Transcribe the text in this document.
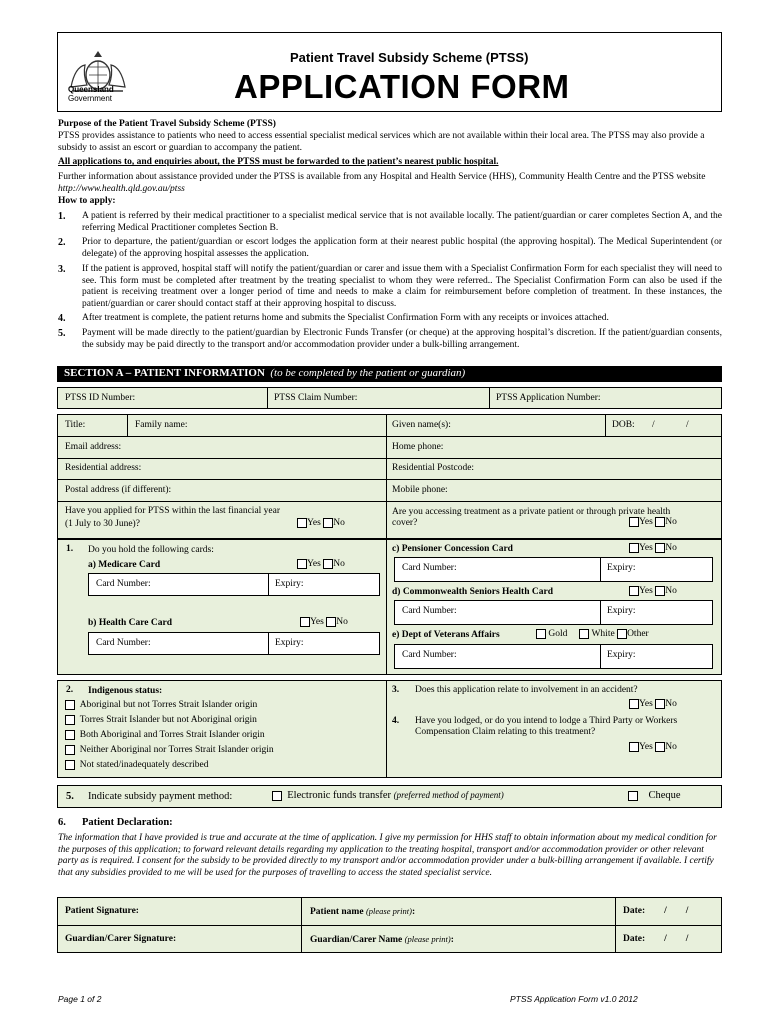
Queensland
Government
Patient Travel Subsidy Scheme (PTSS)
APPLICATION FORM
Purpose of the Patient Travel Subsidy Scheme (PTSS)
PTSS provides assistance to patients who need to access essential specialist medical services which are not available within their local area. The PTSS may also provide a subsidy to assist an escort or guardian to accompany the patient.
All applications to, and enquiries about, the PTSS must be forwarded to the patient’s nearest public hospital.
Further information about assistance provided under the PTSS is available from any Hospital and Health Service (HHS), Community Health Centre and the PTSS website http://www.health.qld.gov.au/ptss
How to apply:
1.	A patient is referred by their medical practitioner to a specialist medical service that is not available locally. The patient/guardian or carer completes Section A, and the referring Medical Practitioner completes Section B.
2.	Prior to departure, the patient/guardian or escort lodges the application form at their nearest public hospital (the approving hospital). The Medical Superintendent (or delegate) of the approving hospital assesses the application.
3.	If the patient is approved, hospital staff will notify the patient/guardian or carer and issue them with a Specialist Confirmation Form for each specialist they will need to see. This form must be completed after treatment by the treating specialist to whom they were referred.. The Specialist Confirmation Form can also be used if the patient is receiving treatment over a longer period of time and needs to make a claim for reimbursement before completion of treatment. In these instances, the patient/guardian or carer should contact staff at their approving hospital to discuss.
4.	After treatment is complete, the patient returns home and submits the Specialist Confirmation Form with any receipts or invoices attached.
5.	Payment will be made directly to the patient/guardian by Electronic Funds Transfer (or cheque) at the approving hospital’s discretion. If the patient/guardian consents, the subsidy may be paid directly to the transport and/or accommodation provider under a bulk-billing arrangement.
SECTION A – PATIENT INFORMATION (to be completed by the patient or guardian)
PTSS ID Number:	PTSS Claim Number:	PTSS Application Number:
Title:	Family name:	Given name(s):	DOB: /	/
Email address:	Home phone:
Residential address:	Residential Postcode:
Postal address (if different):	Mobile phone:
Have you applied for PTSS within the last financial year
(1 July to 30 June)?	Yes No
Are you accessing treatment as a private patient or through private health
cover?	Yes No
1. Do you hold the following cards:
a) Medicare Card	Yes No
Card Number:	Expiry:
b) Health Care Card	Yes No
Card Number:	Expiry:
c) Pensioner Concession Card	Yes No
Card Number:	Expiry:
d) Commonwealth Seniors Health Card	Yes No
Card Number:	Expiry:
e) Dept of Veterans Affairs	Gold	White Other
Card Number:	Expiry:
2. Indigenous status:
Aboriginal but not Torres Strait Islander origin
Torres Strait Islander but not Aboriginal origin
Both Aboriginal and Torres Strait Islander origin
Neither Aboriginal nor Torres Strait Islander origin
Not stated/inadequately described
3. Does this application relate to involvement in an accident?
Yes No
4. Have you lodged, or do you intend to lodge a Third Party or Workers Compensation Claim relating to this treatment?
Yes No
5. Indicate subsidy payment method:	Electronic funds transfer (preferred method of payment)	Cheque
6. Patient Declaration:
The information that I have provided is true and accurate at the time of application. I give my permission for HHS staff to obtain information about my medical condition for the purposes of this application; to forward relevant details regarding my application to the treating hospital, transport and/or accommodation provider or other relevant party as is required. I consent for the subsidy to be provided directly to my transport and/or accommodation provider under a bulk-billing arrangement if available. I certify that any subsidies provided to me will be used for the purposes of travelling to access the stated specialist service.
Patient Signature:	Patient name (please print):	Date: / /
Guardian/Carer Signature:	Guardian/Carer Name (please print):	Date: / /
Page 1 of 2	PTSS Application Form v1.0 2012
